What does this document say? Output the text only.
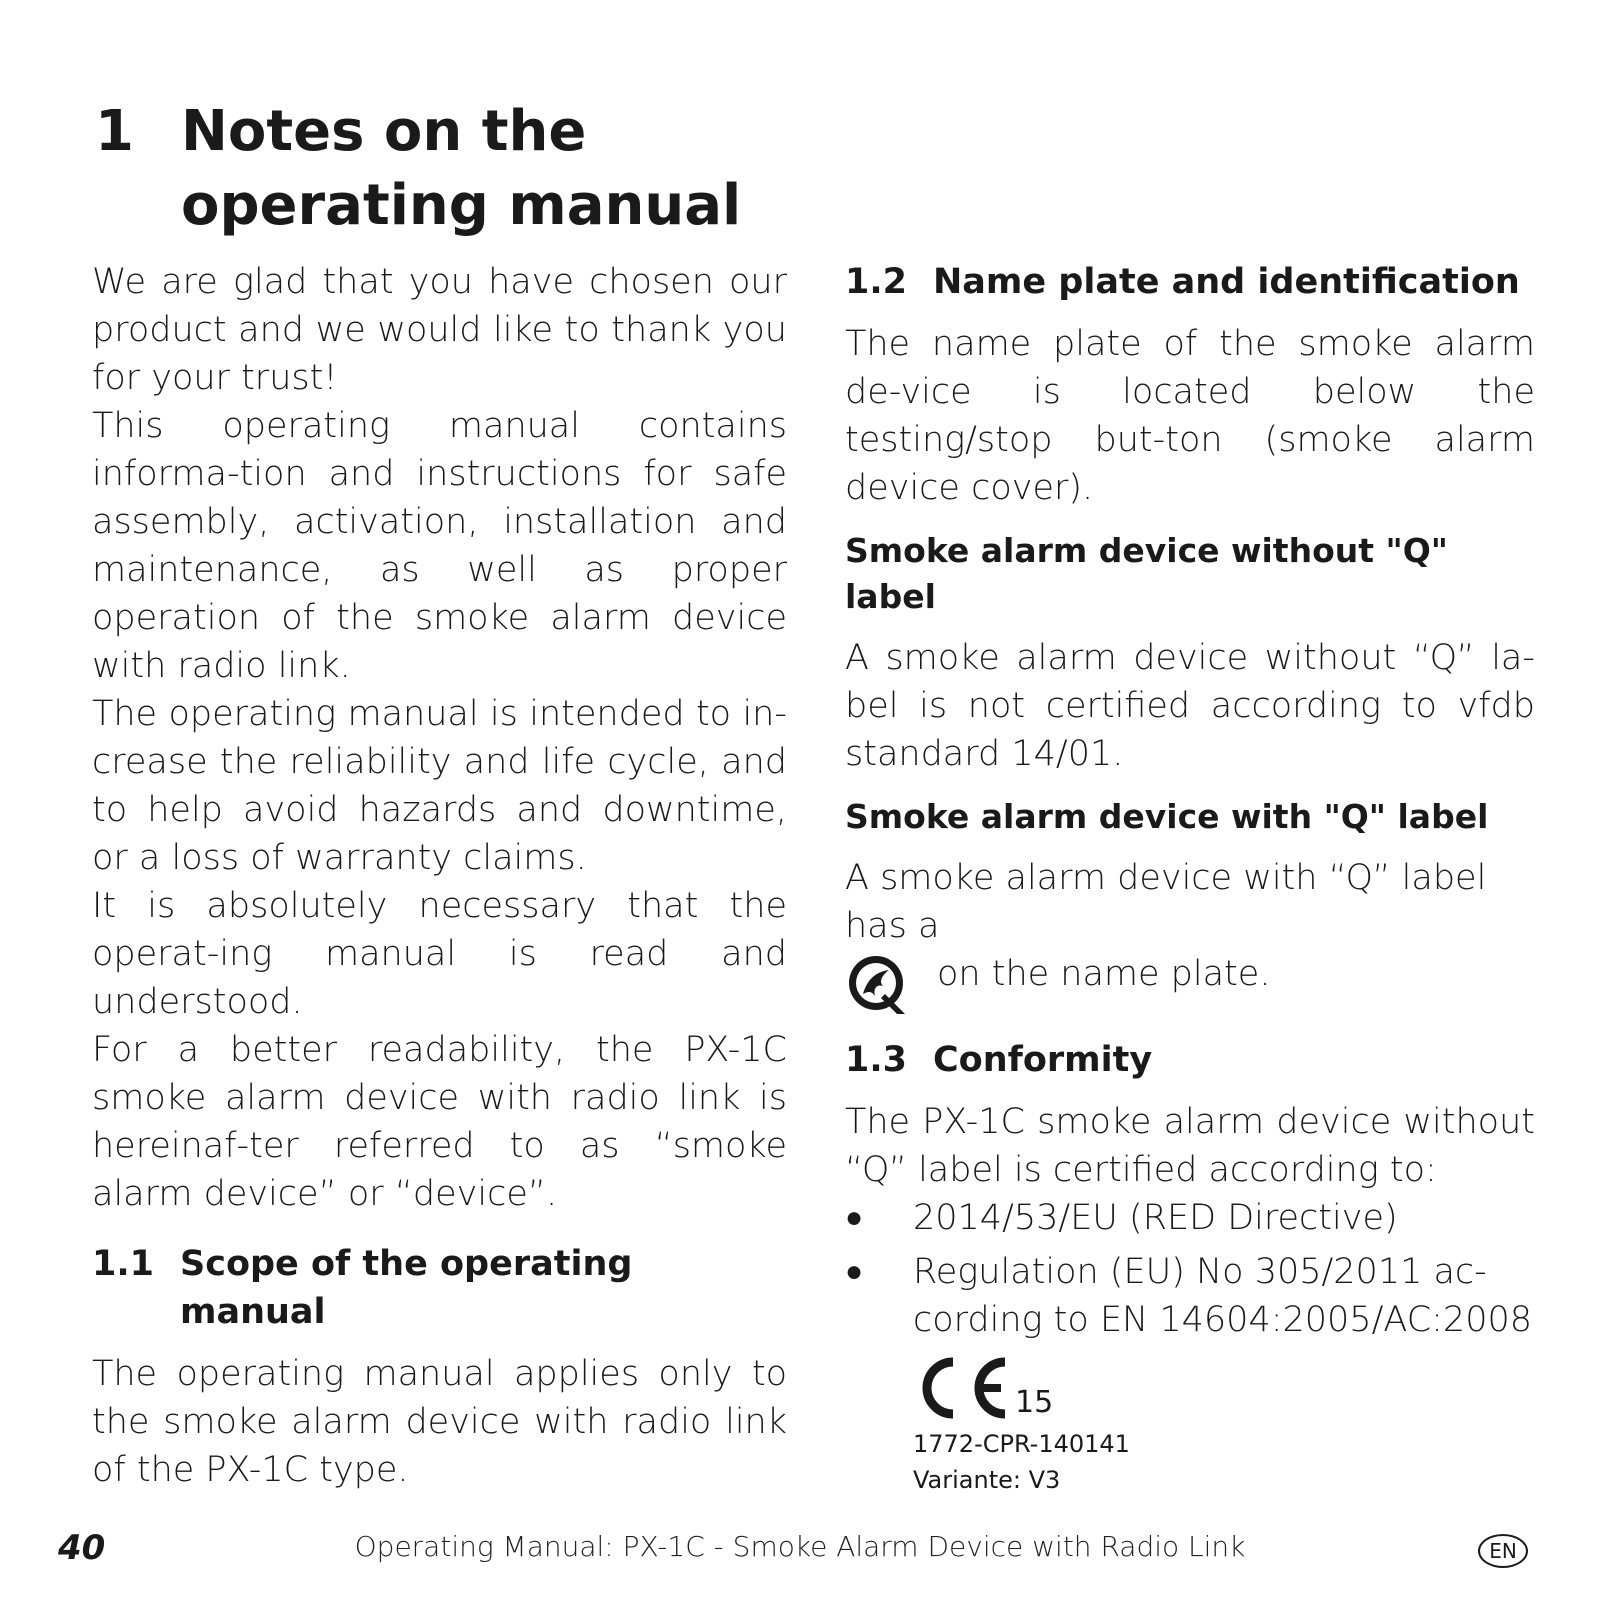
1 Notes on the
operating manual

We are glad that you have chosen our product and we would like to thank you for your trust!

This operating manual contains informa-tion and instructions for safe assembly, activation, installation and maintenance, as well as proper operation of the smoke alarm device with radio link.

The operating manual is intended to in-crease the reliability and life cycle, and to help avoid hazards and downtime, or a loss of warranty claims.

It is absolutely necessary that the operat-ing manual is read and understood.

For a better readability, the PX-1C smoke alarm device with radio link is hereinaf-ter referred to as “smoke alarm device” or “device”.

1.1 Scope of the operating manual

The operating manual applies only to the smoke alarm device with radio link of the PX-1C type.

1.2 Name plate and identification

The name plate of the smoke alarm de-vice is located below the testing/stop but-ton (smoke alarm device cover).

Smoke alarm device without "Q" label

A smoke alarm device without “Q” la-bel is not certified according to vfdb standard 14/01.

Smoke alarm device with "Q" label

A smoke alarm device with “Q” label has a

on the name plate.
1.3 Conformity

The PX-1C smoke alarm device without “Q” label is certified according to:

●	2014/53/EU (RED Directive)
●	Regulation (EU) No 305/2011 ac-cording to EN 14604:2005/AC:2008
15
1772-CPR-140141
Variante: V3
40	Operating Manual: PX-1C - Smoke Alarm Device with Radio Link	EN
